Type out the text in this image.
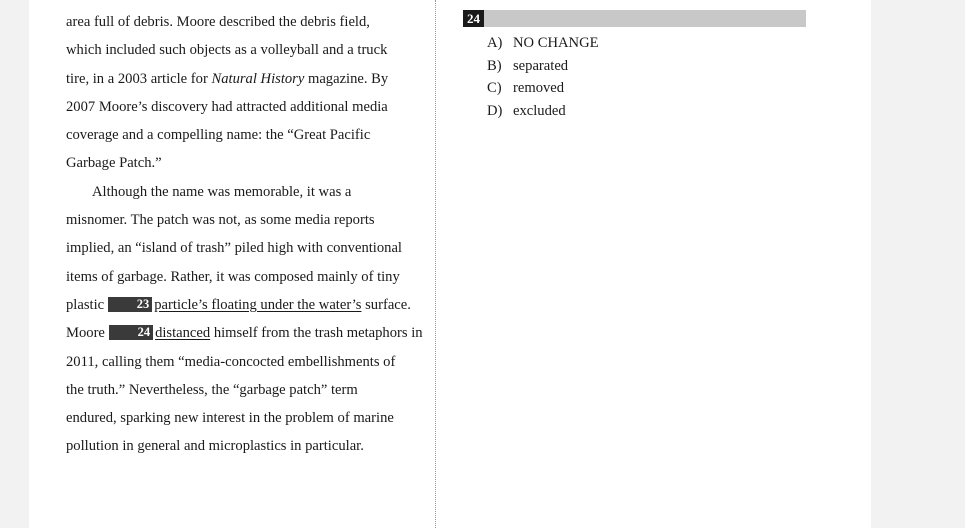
area full of debris. Moore described the debris field,
which included such objects as a volleyball and a truck
tire, in a 2003 article for Natural History magazine. By
2007 Moore’s discovery had attracted additional media
coverage and a compelling name: the “Great Pacific
Garbage Patch.”

Although the name was memorable, it was a
misnomer. The patch was not, as some media reports
implied, an “island of trash” piled high with conventional
items of garbage. Rather, it was composed mainly of tiny
plastic 23 particle’s floating under the water’s surface.
Moore 24 distanced himself from the trash metaphors in
2011, calling them “media-concocted embellishments of
the truth.” Nevertheless, the “garbage patch” term
endured, sparking new interest in the problem of marine
pollution in general and microplastics in particular.

24
A) NO CHANGE
B) separated
C) removed
D) excluded
